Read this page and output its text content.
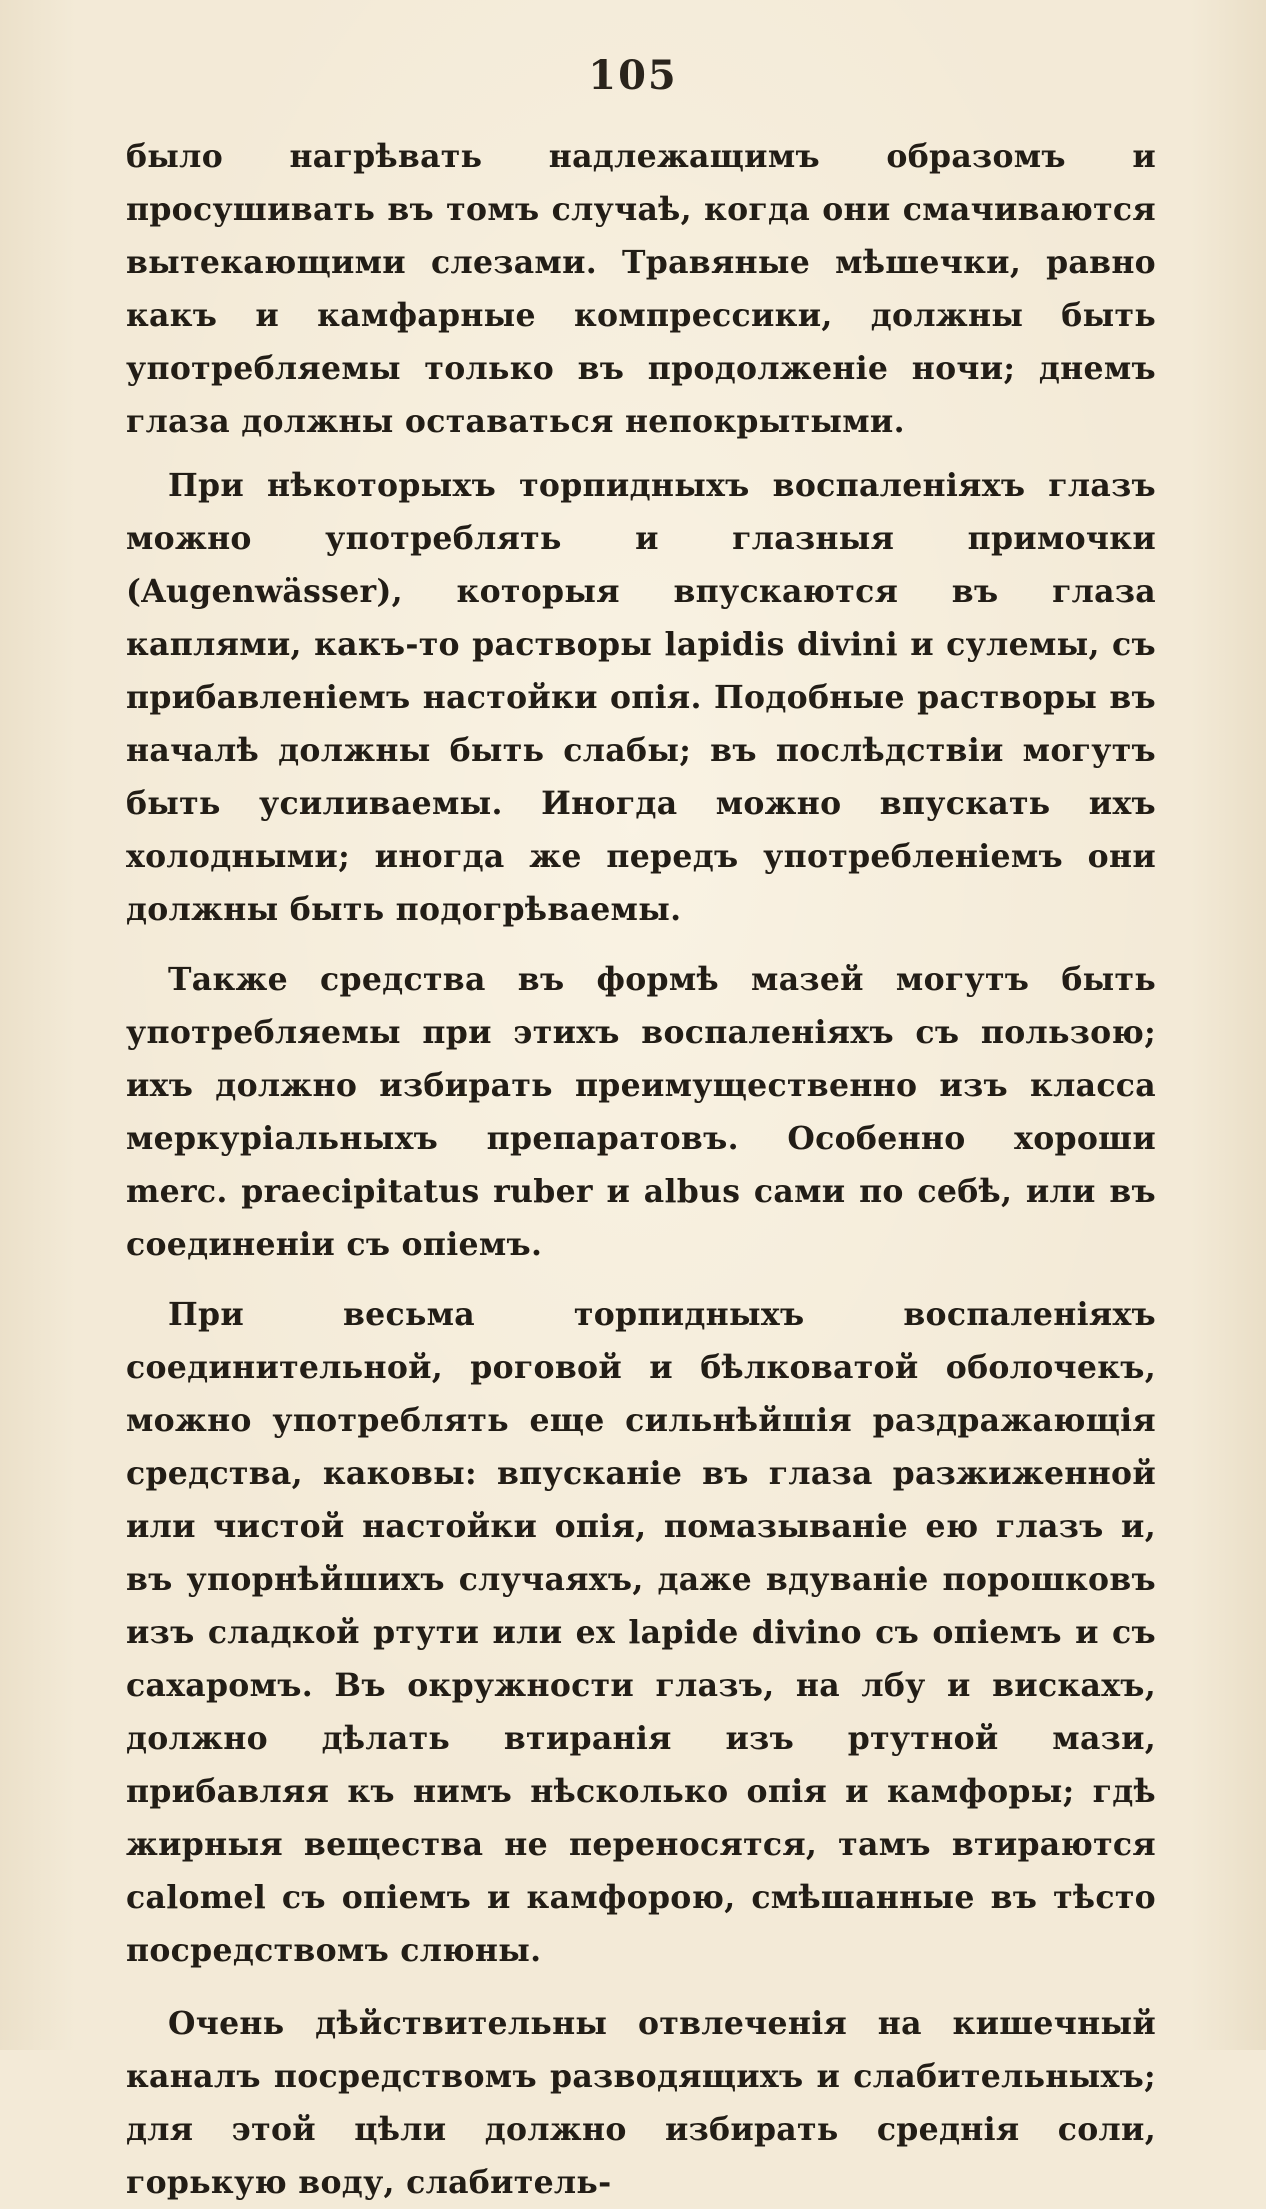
105

было нагрѣвать надлежащимъ образомъ и просушивать въ томъ случаѣ, когда они смачиваются вытекающими слезами. Травяные мѣшечки, равно какъ и камфарные компрессики, должны быть употребляемы только въ продолженіе ночи; днемъ глаза должны оставаться непокрытыми.

При нѣкоторыхъ торпидныхъ воспаленіяхъ глазъ можно употреблять и глазныя примочки (Augenwässer), которыя впускаются въ глаза каплями, какъ-то растворы lapidis divini и сулемы, съ прибавленіемъ настойки опія. Подобные растворы въ началѣ должны быть слабы; въ послѣдствіи могутъ быть усиливаемы. Иногда можно впускать ихъ холодными; иногда же передъ употребленіемъ они должны быть подогрѣваемы.

Также средства въ формѣ мазей могутъ быть употребляемы при этихъ воспаленіяхъ съ пользою; ихъ должно избирать преимущественно изъ класса меркуріальныхъ препаратовъ. Особенно хороши merc. praecipitatus ruber и albus сами по себѣ, или въ соединеніи съ опіемъ.

При весьма торпидныхъ воспаленіяхъ соединительной, роговой и бѣлковатой оболочекъ, можно употреблять еще сильнѣйшія раздражающія средства, каковы: впусканіе въ глаза разжиженной или чистой настойки опія, помазываніе ею глазъ и, въ упорнѣйшихъ случаяхъ, даже вдуваніе порошковъ изъ сладкой ртути или ex lapide divino съ опіемъ и съ сахаромъ. Въ окружности глазъ, на лбу и вискахъ, должно дѣлать втиранія изъ ртутной мази, прибавляя къ нимъ нѣсколько опія и камфоры; гдѣ жирныя вещества не переносятся, тамъ втираются calomel съ опіемъ и камфорою, смѣшанные въ тѣсто посредствомъ слюны.

Очень дѣйствительны отвлеченія на кишечный каналъ посредствомъ разводящихъ и слабительныхъ; для этой цѣли должно избирать среднія соли, горькую воду, слабитель-
